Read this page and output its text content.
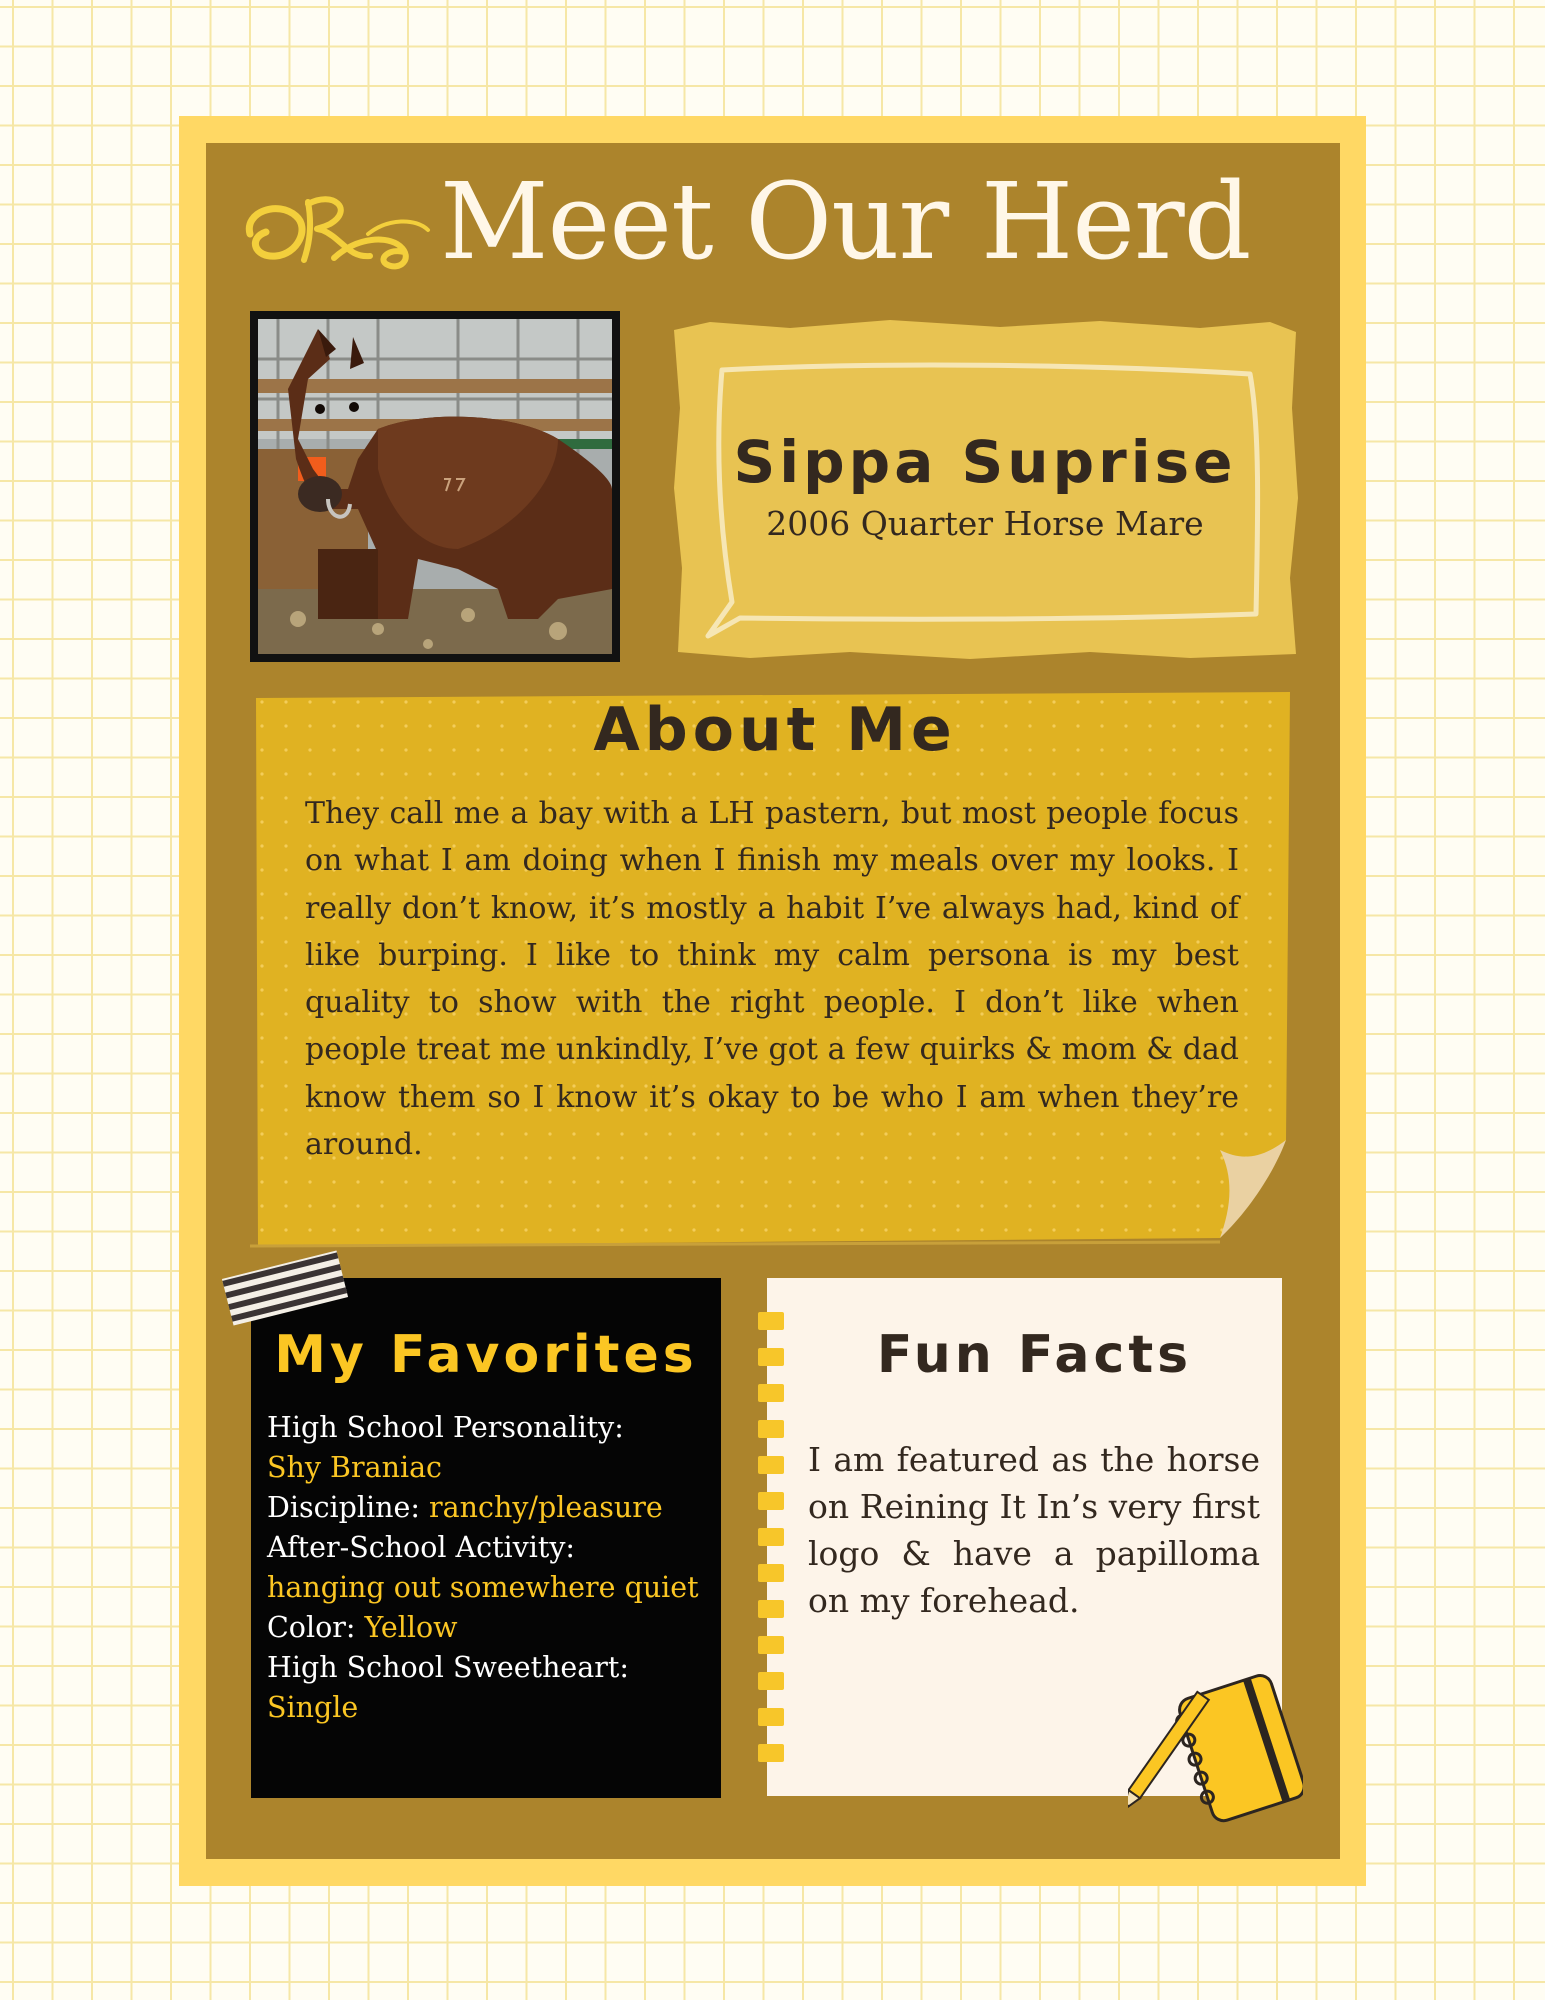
Meet Our Herd
Sippa Suprise
2006 Quarter Horse Mare
About Me
They call me a bay with a LH pastern, but most people focus on what I am doing when I finish my meals over my looks. I really don’t know, it’s mostly a habit I’ve always had, kind of like burping. I like to think my calm persona is my best quality to show with the right people. I don’t like when people treat me unkindly, I’ve got a few quirks & mom & dad know them so I know it’s okay to be who I am when they’re around.
My Favorites
High School Personality:
Shy Braniac
Discipline: ranchy/pleasure
After-School Activity:
hanging out somewhere quiet
Color: Yellow
High School Sweetheart:
Single
Fun Facts
I am featured as the horse on Reining It In’s very first logo & have a papilloma on my forehead.
